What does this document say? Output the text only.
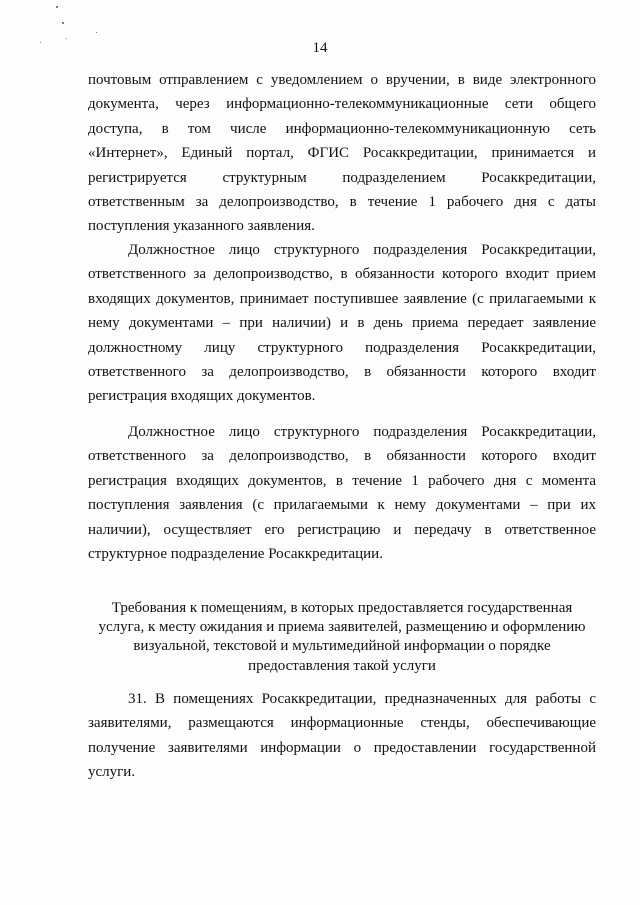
14

почтовым отправлением с уведомлением о вручении, в виде электронного документа, через информационно-телекоммуникационные сети общего доступа, в том числе информационно-телекоммуникационную сеть «Интернет», Единый портал, ФГИС Росаккредитации, принимается и регистрируется структурным подразделением Росаккредитации, ответственным за делопроизводство, в течение 1 рабочего дня с даты поступления указанного заявления.

Должностное лицо структурного подразделения Росаккредитации, ответственного за делопроизводство, в обязанности которого входит прием входящих документов, принимает поступившее заявление (с прилагаемыми к нему документами – при наличии) и в день приема передает заявление должностному лицу структурного подразделения Росаккредитации, ответственного за делопроизводство, в обязанности которого входит регистрация входящих документов.

Должностное лицо структурного подразделения Росаккредитации, ответственного за делопроизводство, в обязанности которого входит регистрация входящих документов, в течение 1 рабочего дня с момента поступления заявления (с прилагаемыми к нему документами – при их наличии), осуществляет его регистрацию и передачу в ответственное структурное подразделение Росаккредитации.

Требования к помещениям, в которых предоставляется государственная услуга, к месту ожидания и приема заявителей, размещению и оформлению визуальной, текстовой и мультимедийной информации о порядке предоставления такой услуги

31. В помещениях Росаккредитации, предназначенных для работы с заявителями, размещаются информационные стенды, обеспечивающие получение заявителями информации о предоставлении государственной услуги.
